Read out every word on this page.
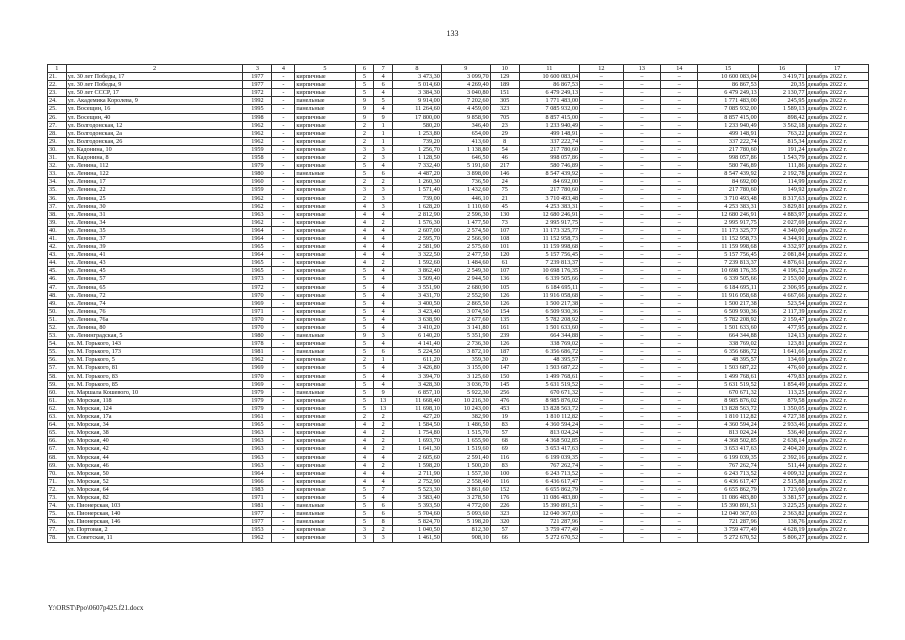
133
1	2	3	4	5	6	7	8	9	10	11	12	13	14	15	16	17
21.	ул. 30 лет Победы, 17	1977	-	кирпичные	5	4	3 473,30	3 099,70	129	10 600 083,04	–	–	–	10 600 083,04	3 419,71	декабрь 2022 г.
22.	ул. 30 лет Победы, 9	1977	-	кирпичные	5	6	5 014,60	4 269,40	189	86 867,53	–	–	–	86 867,53	20,35	декабрь 2022 г.
23.	ул. 50 лет СССР, 17	1972	-	кирпичные	5	4	3 384,30	3 040,80	151	6 479 249,13	–	–	–	6 479 249,13	2 130,77	декабрь 2022 г.
24.	ул. Академика Королева, 9	1992	-	панельные	9	5	9 914,00	7 202,60	305	1 771 483,00	–	–	–	1 771 483,00	245,95	декабрь 2022 г.
25.	ул. Восещин, 16	1995	-	панельные	9	4	11 264,60	4 459,00	323	7 085 932,00	–	–	–	7 085 932,00	1 589,13	декабрь 2022 г.
26.	ул. Восещин, 40	1998	-	кирпичные	9	9	17 800,00	9 858,90	705	8 857 415,00	–	–	–	8 857 415,00	898,42	декабрь 2022 г.
27.	ул. Волгодонская, 12	1962	-	кирпичные	2	1	580,20	346,40	23	1 233 940,49	–	–	–	1 233 940,49	3 562,18	декабрь 2022 г.
28.	ул. Волгодонская, 2а	1962	-	кирпичные	2	1	1 253,80	654,00	29	499 148,91	–	–	–	499 148,91	763,22	декабрь 2022 г.
29.	ул. Волгодонская, 26	1962	-	кирпичные	2	1	739,20	413,60	8	337 222,74	–	–	–	337 222,74	815,34	декабрь 2022 г.
30.	ул. Кадонина, 10	1959	-	кирпичные	3	3	1 256,70	1 138,80	54	217 780,60	–	–	–	217 780,60	191,24	декабрь 2022 г.
31.	ул. Кадонина, 8	1958	-	кирпичные	2	3	1 128,50	646,50	46	998 057,86	–	–	–	998 057,86	1 543,79	декабрь 2022 г.
32.	ул. Ленина, 112	1979	-	кирпичные	5	4	7 332,40	5 191,60	217	580 746,89	–	–	–	580 746,89	111,86	декабрь 2022 г.
33.	ул. Ленина, 122	1980	-	панельные	5	6	4 487,20	3 898,00	146	8 547 439,92	–	–	–	8 547 439,92	2 192,78	декабрь 2022 г.
34.	ул. Ленина, 17	1960	-	кирпичные	2	2	1 260,30	736,50	24	84 692,00	–	–	–	84 692,00	114,99	декабрь 2022 г.
35.	ул. Ленина, 22	1959	-	кирпичные	3	3	1 571,40	1 432,60	75	217 780,60	–	–	–	217 780,60	149,92	декабрь 2022 г.
36.	ул. Ленина, 25	1962	-	кирпичные	2	3	739,00	446,10	21	3 710 493,48	–	–	–	3 710 493,48	8 317,63	декабрь 2022 г.
37.	ул. Ленина, 30	1962	-	кирпичные	4	3	1 628,20	1 110,60	45	4 253 383,31	–	–	–	4 253 383,31	3 829,81	декабрь 2022 г.
38.	ул. Ленина, 31	1963	-	кирпичные	4	4	2 812,90	2 596,30	130	12 680 246,91	–	–	–	12 680 246,91	4 883,97	декабрь 2022 г.
39.	ул. Ленина, 34	1962	-	кирпичные	4	2	1 576,30	1 477,50	73	2 995 917,75	–	–	–	2 995 917,75	2 027,69	декабрь 2022 г.
40.	ул. Ленина, 35	1964	-	кирпичные	4	4	2 607,00	2 574,50	107	11 173 325,77	–	–	–	11 173 325,77	4 340,00	декабрь 2022 г.
41.	ул. Ленина, 37	1964	-	кирпичные	4	4	2 595,70	2 566,90	108	11 152 958,73	–	–	–	11 152 958,73	4 344,91	декабрь 2022 г.
42.	ул. Ленина, 39	1965	-	кирпичные	4	4	2 581,90	2 575,60	101	11 159 998,68	–	–	–	11 159 998,68	4 332,97	декабрь 2022 г.
43.	ул. Ленина, 41	1964	-	кирпичные	4	4	3 322,50	2 477,50	120	5 157 756,45	–	–	–	5 157 756,45	2 081,84	декабрь 2022 г.
44.	ул. Ленина, 43	1965	-	кирпичные	4	2	1 592,60	1 484,60	61	7 239 813,37	–	–	–	7 239 813,37	4 876,61	декабрь 2022 г.
45.	ул. Ленина, 45	1965	-	кирпичные	5	4	3 862,40	2 549,30	107	10 698 176,35	–	–	–	10 698 176,35	4 196,52	декабрь 2022 г.
46.	ул. Ленина, 57	1973	-	кирпичные	5	4	3 509,40	2 944,50	136	6 339 505,66	–	–	–	6 339 505,66	2 153,00	декабрь 2022 г.
47.	ул. Ленина, 65	1972	-	кирпичные	5	4	3 551,90	2 680,90	105	6 184 695,11	–	–	–	6 184 695,11	2 306,95	декабрь 2022 г.
48.	ул. Ленина, 72	1970	-	кирпичные	5	4	3 431,70	2 552,90	126	11 916 058,68	–	–	–	11 916 058,68	4 667,66	декабрь 2022 г.
49.	ул. Ленина, 74	1969	-	кирпичные	5	4	3 400,50	2 865,50	126	1 500 217,38	–	–	–	1 500 217,38	523,54	декабрь 2022 г.
50.	ул. Ленина, 76	1971	-	кирпичные	5	4	3 423,40	3 074,50	154	6 509 930,36	–	–	–	6 509 930,36	2 117,39	декабрь 2022 г.
51.	ул. Ленина, 76а	1970	-	кирпичные	5	4	3 638,90	2 677,60	135	5 782 208,92	–	–	–	5 782 208,92	2 159,47	декабрь 2022 г.
52.	ул. Ленина, 80	1970	-	кирпичные	5	4	3 410,20	3 141,80	161	1 501 633,60	–	–	–	1 501 633,60	477,95	декабрь 2022 г.
53.	ул. Ленинградская, 5	1980	-	панельные	9	3	6 140,20	5 351,90	239	664 344,88	–	–	–	664 344,88	124,13	декабрь 2022 г.
54.	ул. М. Горького, 143	1978	-	кирпичные	5	4	4 141,40	2 736,30	126	338 769,02	–	–	–	338 769,02	123,81	декабрь 2022 г.
55.	ул. М. Горького, 173	1981	-	панельные	5	6	5 224,50	3 872,10	187	6 356 686,72	–	–	–	6 356 686,72	1 641,66	декабрь 2022 г.
56.	ул. М. Горького, 5	1962	-	кирпичные	2	1	611,20	359,30	20	48 395,57	–	–	–	48 395,57	134,69	декабрь 2022 г.
57.	ул. М. Горького, 81	1969	-	кирпичные	5	4	3 426,80	3 155,00	147	1 503 687,22	–	–	–	1 503 687,22	476,60	декабрь 2022 г.
58.	ул. М. Горького, 83	1970	-	кирпичные	5	4	3 394,70	3 125,60	150	1 499 768,61	–	–	–	1 499 768,61	479,83	декабрь 2022 г.
59.	ул. М. Горького, 85	1969	-	кирпичные	5	4	3 428,30	3 036,70	145	5 631 519,52	–	–	–	5 631 519,52	1 854,49	декабрь 2022 г.
60.	ул. Маршала Кошевого, 10	1979	-	панельные	5	9	6 857,10	5 922,30	256	670 671,32	–	–	–	670 671,32	113,25	декабрь 2022 г.
61.	ул. Морская, 118	1979	-	кирпичные	5	13	11 668,40	10 216,30	476	8 985 876,02	–	–	–	8 985 876,02	879,58	декабрь 2022 г.
62.	ул. Морская, 124	1979	-	кирпичные	5	13	11 698,10	10 243,00	453	13 828 563,72	–	–	–	13 828 563,72	1 350,05	декабрь 2022 г.
63.	ул. Морская, 17а	1961	-	кирпичные	2	2	427,20	382,90	19	1 810 112,82	–	–	–	1 810 112,82	4 727,38	декабрь 2022 г.
64.	ул. Морская, 34	1965	-	кирпичные	4	2	1 584,50	1 486,50	83	4 360 594,24	–	–	–	4 360 594,24	2 933,46	декабрь 2022 г.
65.	ул. Морская, 38	1963	-	кирпичные	4	2	1 754,80	1 515,70	57	813 024,24	–	–	–	813 024,24	536,40	декабрь 2022 г.
66.	ул. Морская, 40	1963	-	кирпичные	4	2	1 693,70	1 655,90	68	4 368 502,85	–	–	–	4 368 502,85	2 638,14	декабрь 2022 г.
67.	ул. Морская, 42	1963	-	кирпичные	4	2	1 641,30	1 519,60	69	3 653 417,63	–	–	–	3 653 417,63	2 404,20	декабрь 2022 г.
68.	ул. Морская, 44	1963	-	кирпичные	4	4	2 605,60	2 591,40	116	6 199 039,35	–	–	–	6 199 039,35	2 392,16	декабрь 2022 г.
69.	ул. Морская, 46	1963	-	кирпичные	4	2	1 598,20	1 500,20	83	767 262,74	–	–	–	767 262,74	511,44	декабрь 2022 г.
70.	ул. Морская, 50	1964	-	кирпичные	4	4	2 711,90	1 557,30	100	6 243 713,52	–	–	–	6 243 713,52	4 009,32	декабрь 2022 г.
71.	ул. Морская, 52	1966	-	кирпичные	4	4	2 752,90	2 558,40	116	6 436 617,47	–	–	–	6 436 617,47	2 515,88	декабрь 2022 г.
72.	ул. Морская, 64	1983	-	кирпичные	5	7	5 523,30	3 861,60	152	6 655 862,79	–	–	–	6 655 862,79	1 723,60	декабрь 2022 г.
73.	ул. Морская, 82	1971	-	кирпичные	5	4	3 583,40	3 278,50	176	11 086 483,80	–	–	–	11 086 483,80	3 381,57	декабрь 2022 г.
74.	ул. Пионерская, 103	1981	-	панельные	5	6	5 393,50	4 772,00	226	15 390 891,51	–	–	–	15 390 891,51	3 225,25	декабрь 2022 г.
75.	ул. Пионерская, 140	1977	-	панельные	5	6	5 704,60	5 093,60	323	12 040 367,03	–	–	–	12 040 367,03	2 363,82	декабрь 2022 г.
76.	ул. Пионерская, 146	1977	-	панельные	5	8	5 824,70	5 198,20	320	721 287,96	–	–	–	721 287,96	138,76	декабрь 2022 г.
77.	ул. Портовая, 2	1953	-	кирпичные	3	2	1 040,50	812,30	57	3 759 477,49	–	–	–	3 759 477,49	4 628,19	декабрь 2022 г.
78.	ул. Советская, 11	1962	-	кирпичные	3	3	1 461,50	908,10	66	5 272 670,52	–	–	–	5 272 670,52	5 806,27	декабрь 2022 г.
Y:\ORST\Ppo\0607p425.f21.docx
